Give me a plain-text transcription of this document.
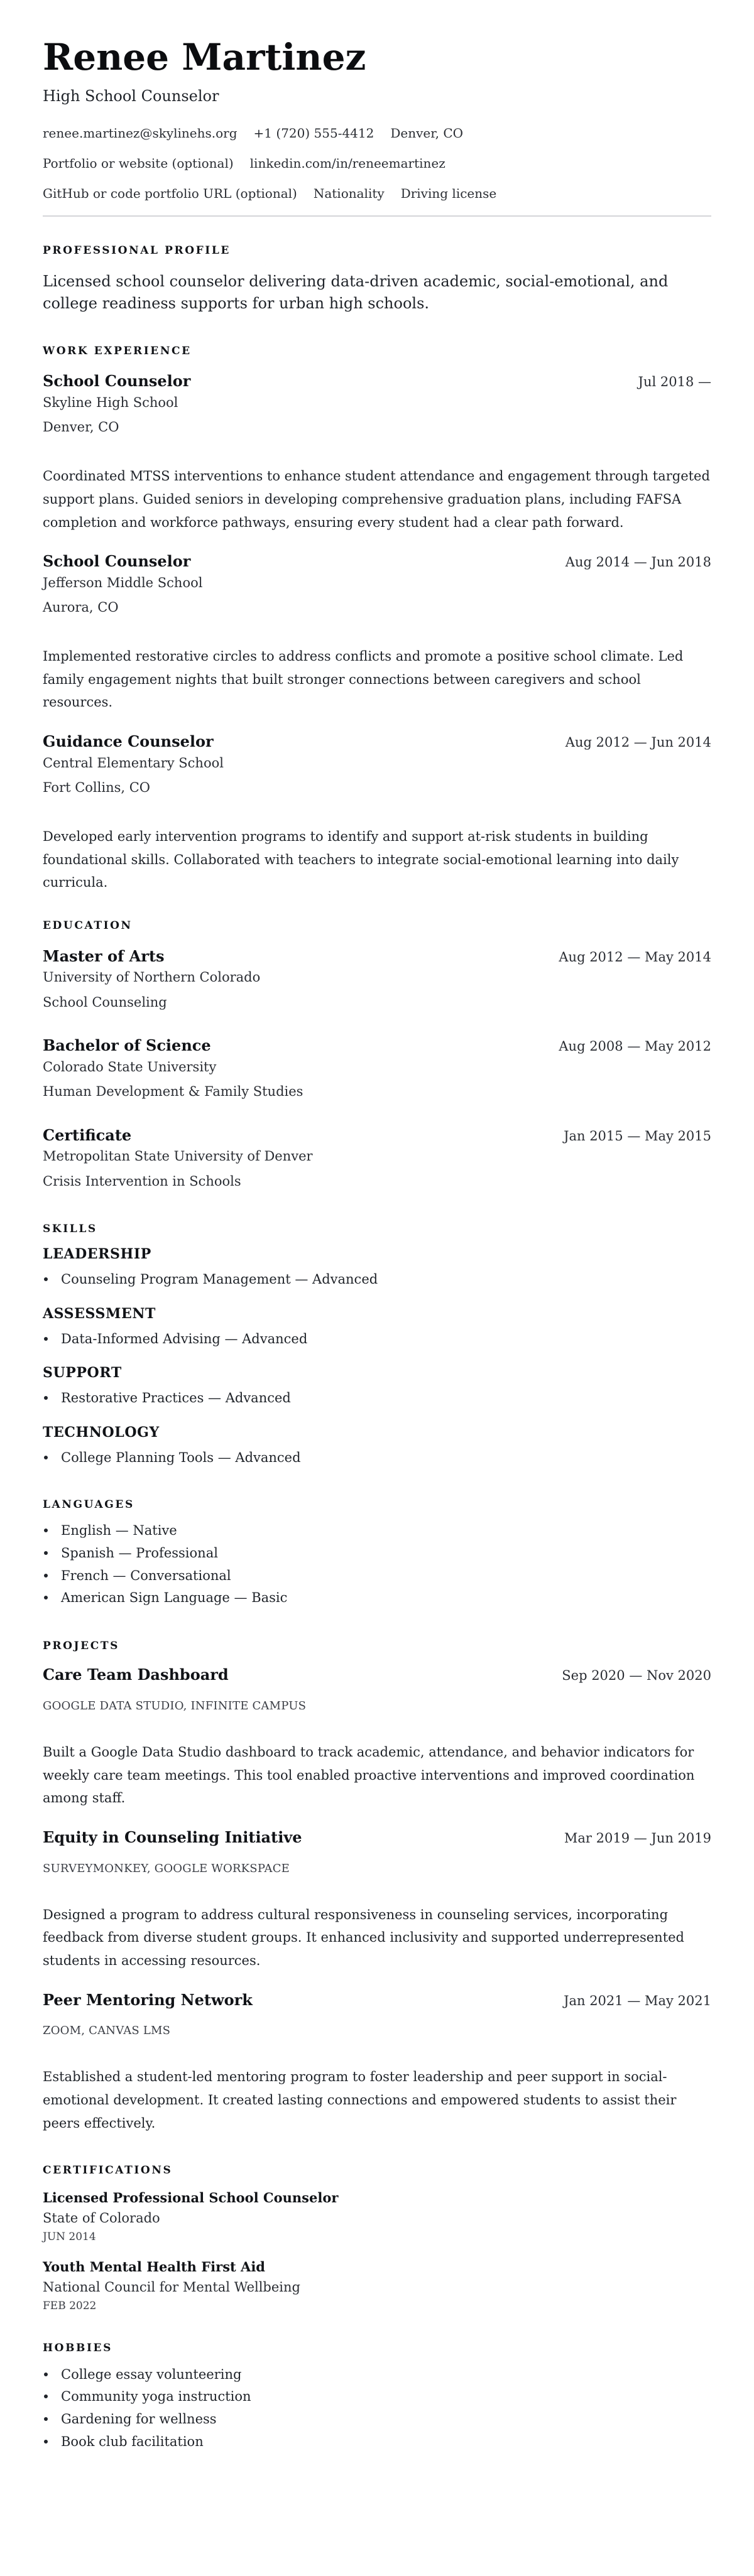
Renee Martinez
High School Counselor
renee.martinez@skylinehs.org +1 (720) 555-4412 Denver, CO
Portfolio or website (optional) linkedin.com/in/reneemartinez
GitHub or code portfolio URL (optional) Nationality Driving license
PROFESSIONAL PROFILE

Licensed school counselor delivering data-driven academic, social-emotional, and college readiness supports for urban high schools.

WORK EXPERIENCE
School Counselor	Jul 2018 —
Skyline High School
Denver, CO

Coordinated MTSS interventions to enhance student attendance and engagement through targeted support plans. Guided seniors in developing comprehensive graduation plans, including FAFSA completion and workforce pathways, ensuring every student had a clear path forward.

School Counselor	Aug 2014 — Jun 2018
Jefferson Middle School
Aurora, CO

Implemented restorative circles to address conflicts and promote a positive school climate. Led family engagement nights that built stronger connections between caregivers and school resources.

Guidance Counselor	Aug 2012 — Jun 2014
Central Elementary School
Fort Collins, CO

Developed early intervention programs to identify and support at-risk students in building foundational skills. Collaborated with teachers to integrate social-emotional learning into daily curricula.

EDUCATION
Master of Arts	Aug 2012 — May 2014
University of Northern Colorado
School Counseling
Bachelor of Science	Aug 2008 — May 2012
Colorado State University
Human Development & Family Studies
Certificate	Jan 2015 — May 2015
Metropolitan State University of Denver
Crisis Intervention in Schools
SKILLS
LEADERSHIP
Counseling Program Management — Advanced
ASSESSMENT
Data-Informed Advising — Advanced
SUPPORT
Restorative Practices — Advanced
TECHNOLOGY
College Planning Tools — Advanced
LANGUAGES
English — Native
Spanish — Professional
French — Conversational
American Sign Language — Basic
PROJECTS
Care Team Dashboard	Sep 2020 — Nov 2020
GOOGLE DATA STUDIO, INFINITE CAMPUS

Built a Google Data Studio dashboard to track academic, attendance, and behavior indicators for weekly care team meetings. This tool enabled proactive interventions and improved coordination among staff.

Equity in Counseling Initiative	Mar 2019 — Jun 2019
SURVEYMONKEY, GOOGLE WORKSPACE

Designed a program to address cultural responsiveness in counseling services, incorporating feedback from diverse student groups. It enhanced inclusivity and supported underrepresented students in accessing resources.

Peer Mentoring Network	Jan 2021 — May 2021
ZOOM, CANVAS LMS

Established a student-led mentoring program to foster leadership and peer support in social-emotional development. It created lasting connections and empowered students to assist their peers effectively.

CERTIFICATIONS
Licensed Professional School Counselor
State of Colorado
JUN 2014
Youth Mental Health First Aid
National Council for Mental Wellbeing
FEB 2022
HOBBIES
College essay volunteering
Community yoga instruction
Gardening for wellness
Book club facilitation
